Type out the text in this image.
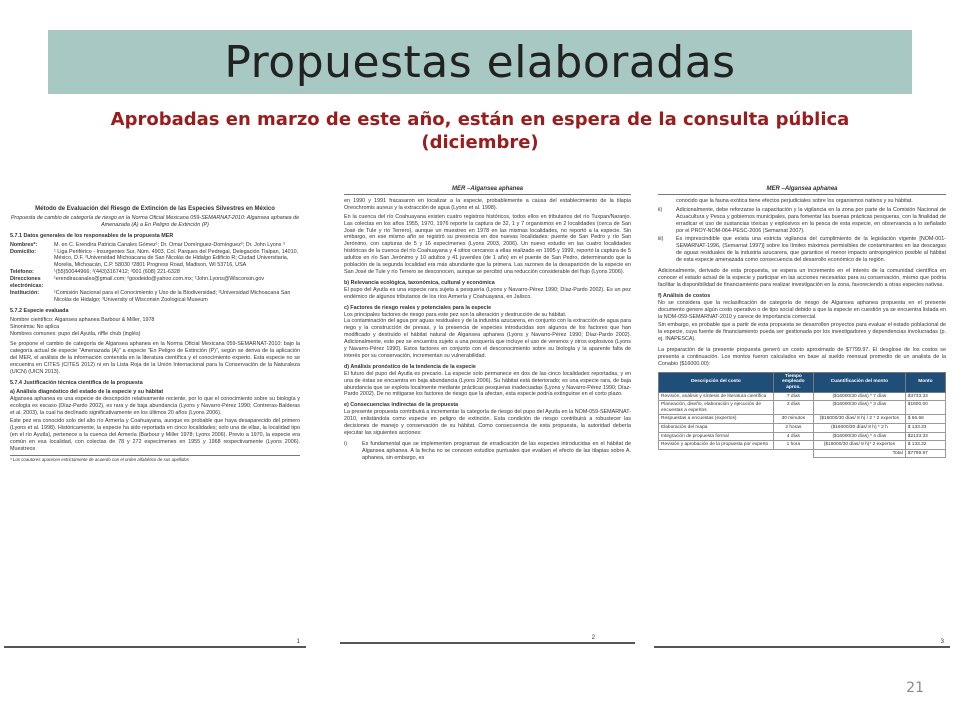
Propuestas elaboradas
Aprobadas en marzo de este año, están en espera de la consulta pública (diciembre)
Método de Evaluación del Riesgo de Extinción de las Especies Silvestres en México
Propuesta de cambio de categoría de riesgo en la Norma Oficial Mexicana 059-SEMARNAT-2010: Algansea aphanea de Amenazada (A) a En Peligro de Extinción (P)
5.7.1 Datos generales de los responsables de la propuesta MER
Nombres*:	M. en C. Erendira Patricia Canales Gómez¹; Dr. Omar Domínguez-Domínguez²; Dr. John Lyons ³
Domicilio:	¹ Liga Periférico - Insurgentes Sur, Núm. 4903, Col. Parques del Pedregal, Delegación Tlalpan, 14010, México, D.F. ²Universidad Michoacana de San Nicolás de Hidalgo Edificio R; Ciudad Universitaria, Morelia, Michoacán, C.P. 58030 ³2801 Progress Road, Madison, WI 53716, USA
Teléfono:	¹(55)50044966; ²(443)3167412; ³001 (608) 221-6328
Direcciones electrónicas:
¹erendiracanales@gmail.com; ²goodeido@yahoo.com.mx; ³John.Lyons@Wisconsin.gov
Institución:	¹Comisión Nacional para el Conocimiento y Uso de la Biodiversidad; ²Universidad Michoacana San Nicolás de Hidalgo; ³University of Wisconsin Zoological Museum
5.7.2 Especie evaluada
Nombre científico: Algansea aphanea Barbour & Miller, 1978
Sinonimia: No aplica
Nombres comunes: pupo del Ayutla, riffle chub (inglés)
Se propone el cambio de categoría de Algansea aphanea en la Norma Oficial Mexicana 059-SEMARNAT-2010: bajo la categoría actual de especie "Amenazada (A)" a especie "En Peligro de Extinción (P)", según se deriva de la aplicación del MER, el análisis de la información contenida en la literatura científica y el conocimiento experto. Esta especie no se encuentra en CITES (CITES 2012) ni en la Lista Roja de la Unión Internacional para la Conservación de la Naturaleza (UICN) (UICN 2013).
5.7.4 Justificación técnica científica de la propuesta
a) Análisis diagnóstico del estado de la especie y su hábitat
Algansea aphanea es una especie de descripción relativamente reciente, por lo que el conocimiento sobre su biología y ecología es escaso (Díaz-Pardo 2002), es rara y de baja abundancia (Lyons y Navarro-Pérez 1990; Contreras-Balderas et al. 2003), la cual ha declinado significativamente en los últimos 20 años (Lyons 2006).
Este pez era conocido solo del alto río Armería y Coahuayana, aunque es probable que haya desaparecido del primero (Lyons et al. 1998). Históricamente, la especie ha sido reportada en cinco localidades; solo una de ellas, la localidad tipo (en el río Ayutla), pertenece a la cuenca del Armería (Barbour y Miller 1978; Lyons 2006). Previo a 1970, la especie era común en esa localidad, con colectas de 78 y 272 especímenes en 1955 y 1968 respectivamente (Lyons 2006). Muestreos
* Los coautores aparecen estrictamente de acuerdo con el orden alfabético de sus apellidos
1
MER –Algansea aphanea
en 1990 y 1991 fracasaron en localizar a la especie, probablemente a causa del establecimiento de la tilapia Oreochromis aureus y la extracción de agua (Lyons et al. 1998).
En la cuenca del río Coahuayana existen cuatro registros históricos, todos ellos en tributarios del río Tuxpan/Naranjo. Las colectas en los años 1955, 1970, 1976 reporte la captura de 32, 1 y 7 organismos en 2 localidades (cerca de San José de Tule y río Terrero), aunque un muestreo en 1978 en las mismas localidades, no reportó a la especie. Sin embargo, en ese mismo año se registró su presencia en dos nuevas localidades: puente de San Pedro y río San Jerónimo, con capturas de 5 y 16 especímenes (Lyons 2003, 2006). Un nuevo estudio en las cuatro localidades históricas de la cuenca del río Coahuayana y 4 sitios cercanos a ellas realizado en 1995 y 1999, reportó la captura de 5 adultos en río San Jerónimo y 10 adultos y 41 juveniles (de 1 año) en el puente de San Pedro, determinando que la población de la segunda localidad era más abundante que la primera. Las razones de la desaparición de la especie en San José de Tule y río Terrero se desconocen, aunque se percibió una reducción considerable del flujo (Lyons 2006).
b) Relevancia ecológica, taxonómica, cultural y económica
El pupo del Ayutla es una especie rara sujeta a pesquería (Lyons y Navarro-Pérez 1990; Díaz-Pardo 2002). Es un pez endémico de algunos tributarios de los ríos Armería y Coahuayana, en Jalisco.
c) Factores de riesgo reales y potenciales para la especie
Los principales factores de riesgo para este pez son la alteración y destrucción de su hábitat.
La contaminación del agua por aguas residuales y de la industria azucarera, en conjunto con la extracción de agua para riego y la construcción de presas, y la presencia de especies introducidas son algunos de los factores que han modificado y destruido el hábitat natural de Algansea aphanea (Lyons y Navarro-Pérez 1990; Díaz-Pardo 2002). Adicionalmente, este pez se encuentra sujeto a una pesquería que incluye el uso de venenos y otros explosivos (Lyons y Navarro-Pérez 1990). Estos factores en conjunto con el desconocimiento sobre su biología y la aparente falta de interés por su conservación, incrementan su vulnerabilidad.
d) Análisis pronóstico de la tendencia de la especie
El futuro del pupo del Ayutla es precario. La especie solo permanece en dos de las cinco localidades reportadas, y en una de éstas se encuentra en baja abundancia (Lyons 2006). Su hábitat está deteriorado; es una especie rara, de baja abundancia que se explota localmente mediante prácticas pesqueras inadecuadas (Lyons y Navarro-Pérez 1990; Díaz-Pardo 2002). De no mitigarse los factores de riesgo que la afectan, esta especie podría extinguirse en el corto plazo.
e) Consecuencias indirectas de la propuesta
La presente propuesta contribuirá a incrementar la categoría de riesgo del pupo del Ayutla en la NOM-059-SEMARNAT-2010, enlistándola como especie en peligro de extinción. Esta condición de riesgo contribuirá a robustecer las decisiones de manejo y conservación de su hábitat. Como consecuencia de esta propuesta, la autoridad debería ejecutar las siguientes acciones:
i)	Es fundamental que se implementen programas de erradicación de las especies introducidas en el hábitat de Algansea aphanea. A la fecha no se conocen estudios puntuales que evalúen el efecto de las tilapias sobre A. aphanea, sin embargo, es
2
MER –Algansea aphanea
conocido que la fauna exótica tiene efectos perjudiciales sobre los organismos nativos y su hábitat.
ii)	Adicionalmente, debe reforzarse la capacitación y la vigilancia en la zona por parte de la Comisión Nacional de Acuacultura y Pesca y gobiernos municipales, para fomentar las buenas prácticas pesqueras, con la finalidad de erradicar el uso de sustancias tóxicas y explosivos en la pesca de esta especie, en observancia a lo señalado por el PROY-NOM-064-PESC-2006 (Semarnat 2007).
iii)	Es imprescindible que exista una estricta vigilancia del cumplimiento de la legislación vigente [NOM-001-SEMARNAT-1996, (Semarnat 1997)] sobre los límites máximos permisibles de contaminantes en las descargas de aguas residuales de la industria azucarera, que garantice el menor impacto antropogénico posible al hábitat de esta especie amenazada como consecuencia del desarrollo económico de la región.
Adicionalmente, derivado de esta propuesta, se espera un incremento en el interés de la comunidad científica en conocer el estado actual de la especie y participar en las acciones necesarias para su conservación, mismo que podría facilitar la disponibilidad de financiamiento para realizar investigación en la zona, favoreciendo a otras especies nativas.
f) Análisis de costos
No se considera que la reclasificación de categoría de riesgo de Algansea aphanea propuesta en el presente documento genere algún costo operativo o de tipo social debido a que la especie en cuestión ya se encuentra listada en la NOM-059-SEMARNAT-2010 y carece de importancia comercial.
Sin embargo, es probable que a partir de esta propuesta se desarrollen proyectos para evaluar el estado poblacional de la especie, cuya fuente de financiamiento pueda ser gestionada por los investigadores y dependencias involucradas (p. ej. INAPESCA).
La preparación de la presente propuesta generó un costo aproximado de $7799.97. El desglose de los costos se presenta a continuación. Los montos fueron calculados en base al sueldo mensual promedio de un analista de la Conabio ($16000.00):
Descripción del costo	Tiempo empleado aprox.	Cuantificación del monto	Monto
Revisión, análisis y síntesis de literatura científica	7 días	($16000/30 días) * 7 días	$3733.33
Planeación, diseño, elaboración y ejecución de encuestas a expertos	3 días	($16000/30 días) * 3 días	$1600.00
Respuestas a encuestas (expertos)	30 minutos	($16000/30 días/ 8 h) / 2 * 2 expertos	$ 66.66
Elaboración del mapa	2 horas	($16000/30 días/ 8 h) * 2 h	$ 133.33
Integración de propuesta formal	4 días	($16000/30 días) * 4 días	$2133.33
Revisión y aprobación de la propuesta por experto	1 hora	($16000/30 días/ 8 h)* 2 expertos	$ 133.32
		Total	$7799.97
3
21
